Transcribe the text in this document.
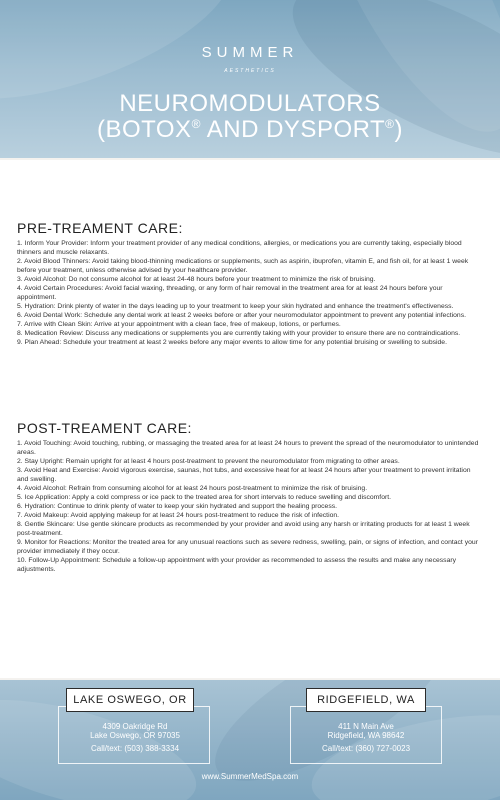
SUMMER
AESTHETICS
NEUROMODULATORS
(BOTOX® AND DYSPORT®)
PRE-TREAMENT CARE:
1. Inform Your Provider: Inform your treatment provider of any medical conditions, allergies, or medications you are currently taking, especially blood thinners and muscle relaxants.
2. Avoid Blood Thinners: Avoid taking blood-thinning medications or supplements, such as aspirin, ibuprofen, vitamin E, and fish oil, for at least 1 week before your treatment, unless otherwise advised by your healthcare provider.
3. Avoid Alcohol: Do not consume alcohol for at least 24-48 hours before your treatment to minimize the risk of bruising.
4. Avoid Certain Procedures: Avoid facial waxing, threading, or any form of hair removal in the treatment area for at least 24 hours before your appointment.
5. Hydration: Drink plenty of water in the days leading up to your treatment to keep your skin hydrated and enhance the treatment's effectiveness.
6. Avoid Dental Work: Schedule any dental work at least 2 weeks before or after your neuromodulator appointment to prevent any potential infections.
7. Arrive with Clean Skin: Arrive at your appointment with a clean face, free of makeup, lotions, or perfumes.
8. Medication Review: Discuss any medications or supplements you are currently taking with your provider to ensure there are no contraindications.
9. Plan Ahead: Schedule your treatment at least 2 weeks before any major events to allow time for any potential bruising or swelling to subside.
POST-TREAMENT CARE:
1. Avoid Touching: Avoid touching, rubbing, or massaging the treated area for at least 24 hours to prevent the spread of the neuromodulator to unintended areas.
2. Stay Upright: Remain upright for at least 4 hours post-treatment to prevent the neuromodulator from migrating to other areas.
3. Avoid Heat and Exercise: Avoid vigorous exercise, saunas, hot tubs, and excessive heat for at least 24 hours after your treatment to prevent irritation and swelling.
4. Avoid Alcohol: Refrain from consuming alcohol for at least 24 hours post-treatment to minimize the risk of bruising.
5. Ice Application: Apply a cold compress or ice pack to the treated area for short intervals to reduce swelling and discomfort.
6. Hydration: Continue to drink plenty of water to keep your skin hydrated and support the healing process.
7. Avoid Makeup: Avoid applying makeup for at least 24 hours post-treatment to reduce the risk of infection.
8. Gentle Skincare: Use gentle skincare products as recommended by your provider and avoid using any harsh or irritating products for at least 1 week post-treatment.
9. Monitor for Reactions: Monitor the treated area for any unusual reactions such as severe redness, swelling, pain, or signs of infection, and contact your provider immediately if they occur.
10. Follow-Up Appointment: Schedule a follow-up appointment with your provider as recommended to assess the results and make any necessary adjustments.
LAKE OSWEGO, OR
4309 Oakridge Rd
Lake Oswego, OR 97035
Call/text: (503) 388-3334
RIDGEFIELD, WA
411 N Main Ave
Ridgefield, WA 98642
Call/text: (360) 727-0023
www.SummerMedSpa.com
